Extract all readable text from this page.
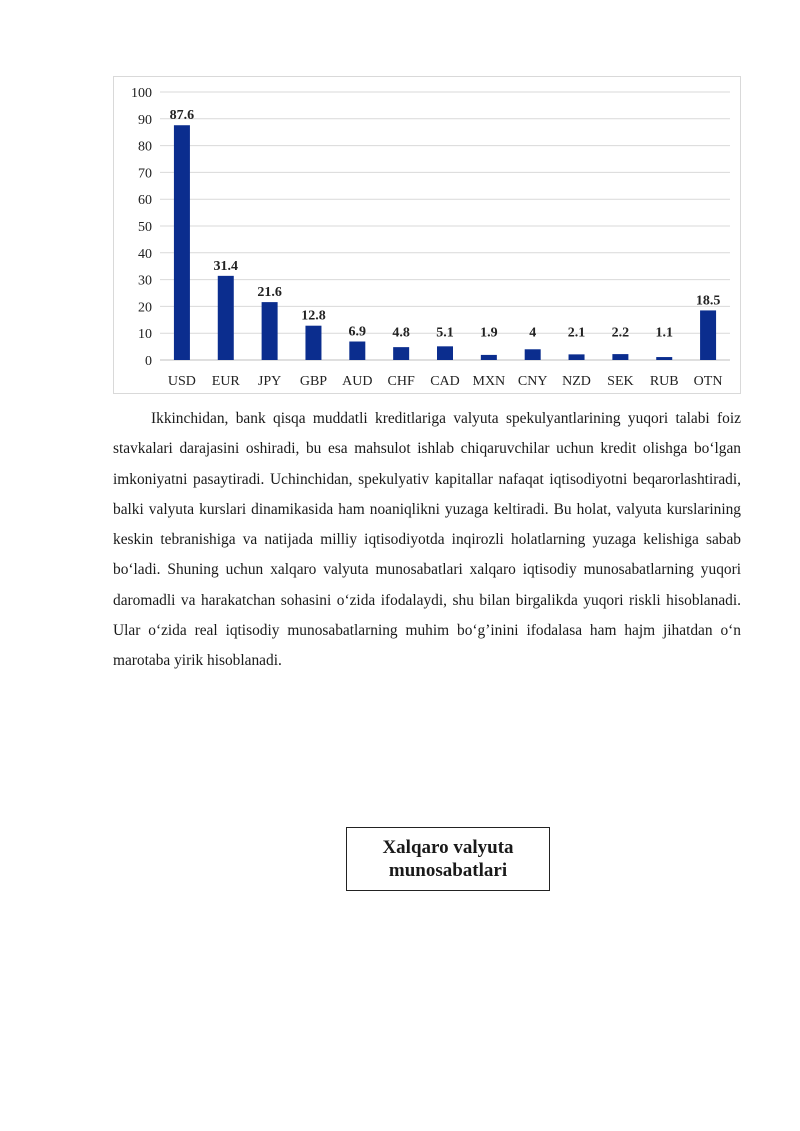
0
10
20
30
40
50
60
70
80
90
100
87.6
31.4
21.6
12.8
6.9 4.8 5.1 1.9 4 2.1 2.2 1.1
18.5
USD EUR JPY GBP AUD CHF CAD MXN CNY NZD SEK RUB OTN

Ikkinchidan, bank qisqa muddatli kreditlariga valyuta spekulyantlarining yuqori talabi foiz stavkalari darajasini oshiradi, bu esa mahsulot ishlab chiqaruvchilar uchun kredit olishga bo‘lgan imkoniyatni pasaytiradi. Uchinchidan, spekulyativ kapitallar nafaqat iqtisodiyotni beqarorlashtiradi, balki valyuta kurslari dinamikasida ham noaniqlikni yuzaga keltiradi. Bu holat, valyuta kurslarining keskin tebranishiga va natijada milliy iqtisodiyotda inqirozli holatlarning yuzaga kelishiga sabab bo‘ladi. Shuning uchun xalqaro valyuta munosabatlari xalqaro iqtisodiy munosabatlarning yuqori daromadli va harakatchan sohasini o‘zida ifodalaydi, shu bilan birgalikda yuqori riskli hisoblanadi. Ular o‘zida real iqtisodiy munosabatlarning muhim bo‘g’inini ifodalasa ham hajm jihatdan o‘n marotaba yirik hisoblanadi.

Xalqaro valyuta munosabatlari
